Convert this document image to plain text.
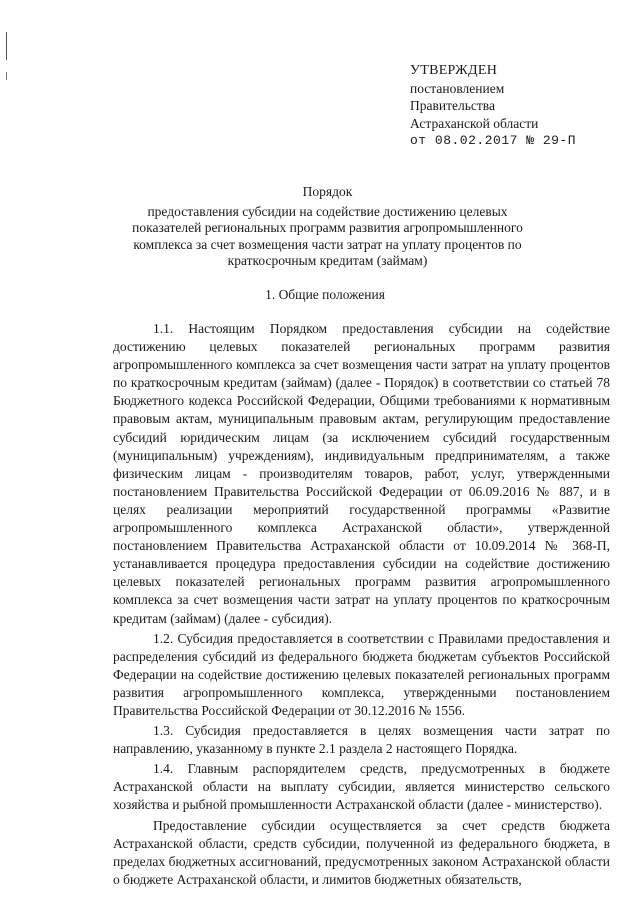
УТВЕРЖДЕН
постановлением
Правительства
Астраханской области
от 08.02.2017 № 29-П
Порядок
предоставления субсидии на содействие достижению целевых показателей региональных программ развития агропромышленного комплекса за счет возмещения части затрат на уплату процентов по краткосрочным кредитам (займам)
1. Общие положения

1.1. Настоящим Порядком предоставления субсидии на содействие достижению целевых показателей региональных программ развития агропромышленного комплекса за счет возмещения части затрат на уплату процентов по краткосрочным кредитам (займам) (далее - Порядок) в соответствии со статьей 78 Бюджетного кодекса Российской Федерации, Общими требованиями к нормативным правовым актам, муниципальным правовым актам, регулирующим предоставление субсидий юридическим лицам (за исключением субсидий государственным (муниципальным) учреждениям), индивидуальным предпринимателям, а также физическим лицам - производителям товаров, работ, услуг, утвержденными постановлением Правительства Российской Федерации от 06.09.2016 № 887, и в целях реализации мероприятий государственной программы «Развитие агропромышленного комплекса Астраханской области», утвержденной постановлением Правительства Астраханской области от 10.09.2014 № 368-П, устанавливается процедура предоставления субсидии на содействие достижению целевых показателей региональных программ развития агропромышленного комплекса за счет возмещения части затрат на уплату процентов по краткосрочным кредитам (займам) (далее - субсидия).

1.2. Субсидия предоставляется в соответствии с Правилами предоставления и распределения субсидий из федерального бюджета бюджетам субъектов Российской Федерации на содействие достижению целевых показателей региональных программ развития агропромышленного комплекса, утвержденными постановлением Правительства Российской Федерации от 30.12.2016 № 1556.

1.3. Субсидия предоставляется в целях возмещения части затрат по направлению, указанному в пункте 2.1 раздела 2 настоящего Порядка.

1.4. Главным распорядителем средств, предусмотренных в бюджете Астраханской области на выплату субсидии, является министерство сельского хозяйства и рыбной промышленности Астраханской области (далее - министерство).

Предоставление субсидии осуществляется за счет средств бюджета Астраханской области, средств субсидии, полученной из федерального бюджета, в пределах бюджетных ассигнований, предусмотренных законом Астраханской области о бюджете Астраханской области, и лимитов бюджетных обязательств,
